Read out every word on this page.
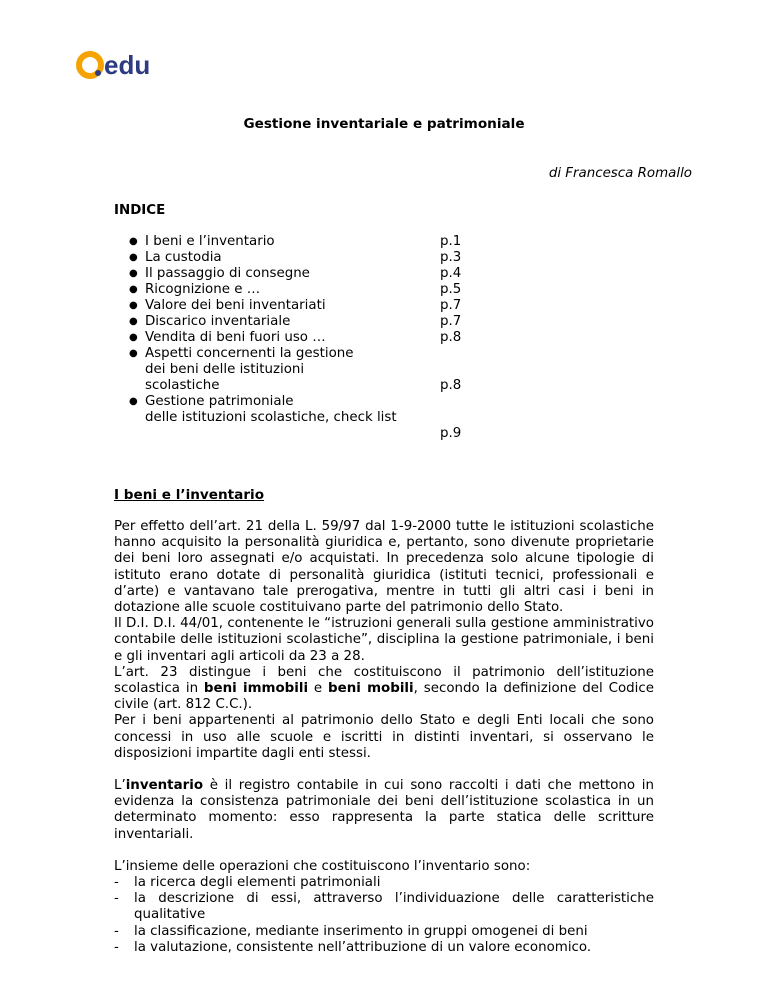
edu
Gestione inventariale e patrimoniale
di Francesca Romallo
INDICE
● I beni e l’inventario	p.1
● La custodia	p.3
● Il passaggio di consegne	p.4
● Ricognizione e …	p.5
● Valore dei beni inventariati	p.7
● Discarico inventariale	p.7
● Vendita di beni fuori uso …	p.8
● Aspetti concernenti la gestione
dei beni delle istituzioni
scolastiche	p.8
● Gestione patrimoniale
delle istituzioni scolastiche, check list
p.9
I beni e l’inventario

Per effetto dell’art. 21 della L. 59/97 dal 1-9-2000 tutte le istituzioni scolastiche hanno acquisito la personalità giuridica e, pertanto, sono divenute proprietarie dei beni loro assegnati e/o acquistati. In precedenza solo alcune tipologie di istituto erano dotate di personalità giuridica (istituti tecnici, professionali e d’arte) e vantavano tale prerogativa, mentre in tutti gli altri casi i beni in dotazione alle scuole costituivano parte del patrimonio dello Stato.

Il D.I. D.I. 44/01, contenente le “istruzioni generali sulla gestione amministrativo contabile delle istituzioni scolastiche”, disciplina la gestione patrimoniale, i beni e gli inventari agli articoli da 23 a 28.

L’art. 23 distingue i beni che costituiscono il patrimonio dell’istituzione scolastica in beni immobili e beni mobili, secondo la definizione del Codice civile (art. 812 C.C.).

Per i beni appartenenti al patrimonio dello Stato e degli Enti locali che sono concessi in uso alle scuole e iscritti in distinti inventari, si osservano le disposizioni impartite dagli enti stessi.

L’inventario è il registro contabile in cui sono raccolti i dati che mettono in evidenza la consistenza patrimoniale dei beni dell’istituzione scolastica in un determinato momento: esso rappresenta la parte statica delle scritture inventariali.

L’insieme delle operazioni che costituiscono l’inventario sono:

- la ricerca degli elementi patrimoniali
- la descrizione di essi, attraverso l’individuazione delle caratteristiche qualitative
- la classificazione, mediante inserimento in gruppi omogenei di beni
- la valutazione, consistente nell’attribuzione di un valore economico.
